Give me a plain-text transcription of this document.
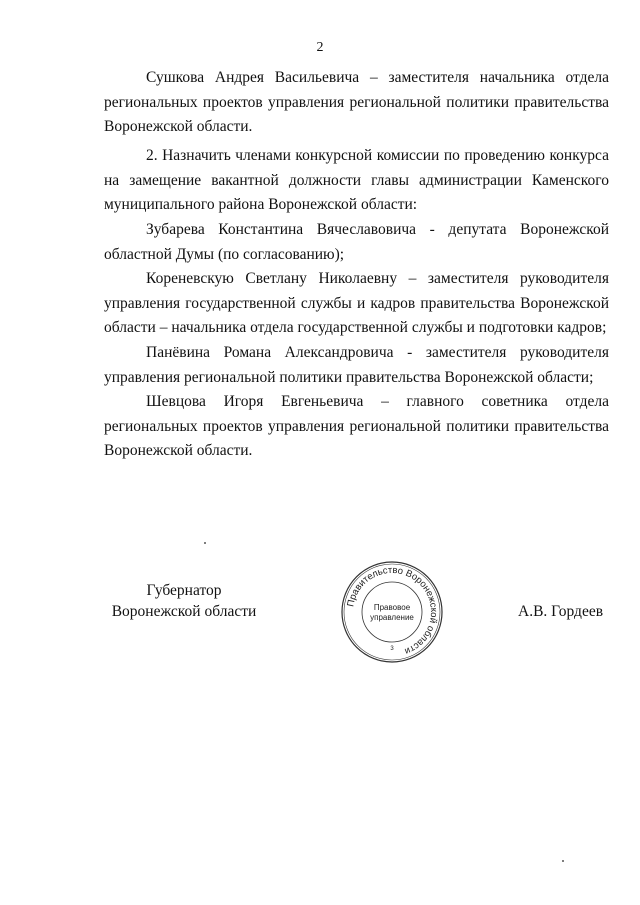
2
Сушкова Андрея Васильевича – заместителя начальника отдела региональных проектов управления региональной политики правительства Воронежской области.
2. Назначить членами конкурсной комиссии по проведению конкурса на замещение вакантной должности главы администрации Каменского муниципального района Воронежской области:
Зубарева Константина Вячеславовича - депутата Воронежской областной Думы (по согласованию);
Кореневскую Светлану Николаевну – заместителя руководителя управления государственной службы и кадров правительства Воронежской области – начальника отдела государственной службы и подготовки кадров;
Панёвина Романа Александровича - заместителя руководителя управления региональной политики правительства Воронежской области;
Шевцова Игоря Евгеньевича – главного советника отдела региональных проектов управления региональной политики правительства Воронежской области.
Губернатор
Воронежской области	Правительство Воронежской области
Правовое
управление
3
А.В. Гордеев
